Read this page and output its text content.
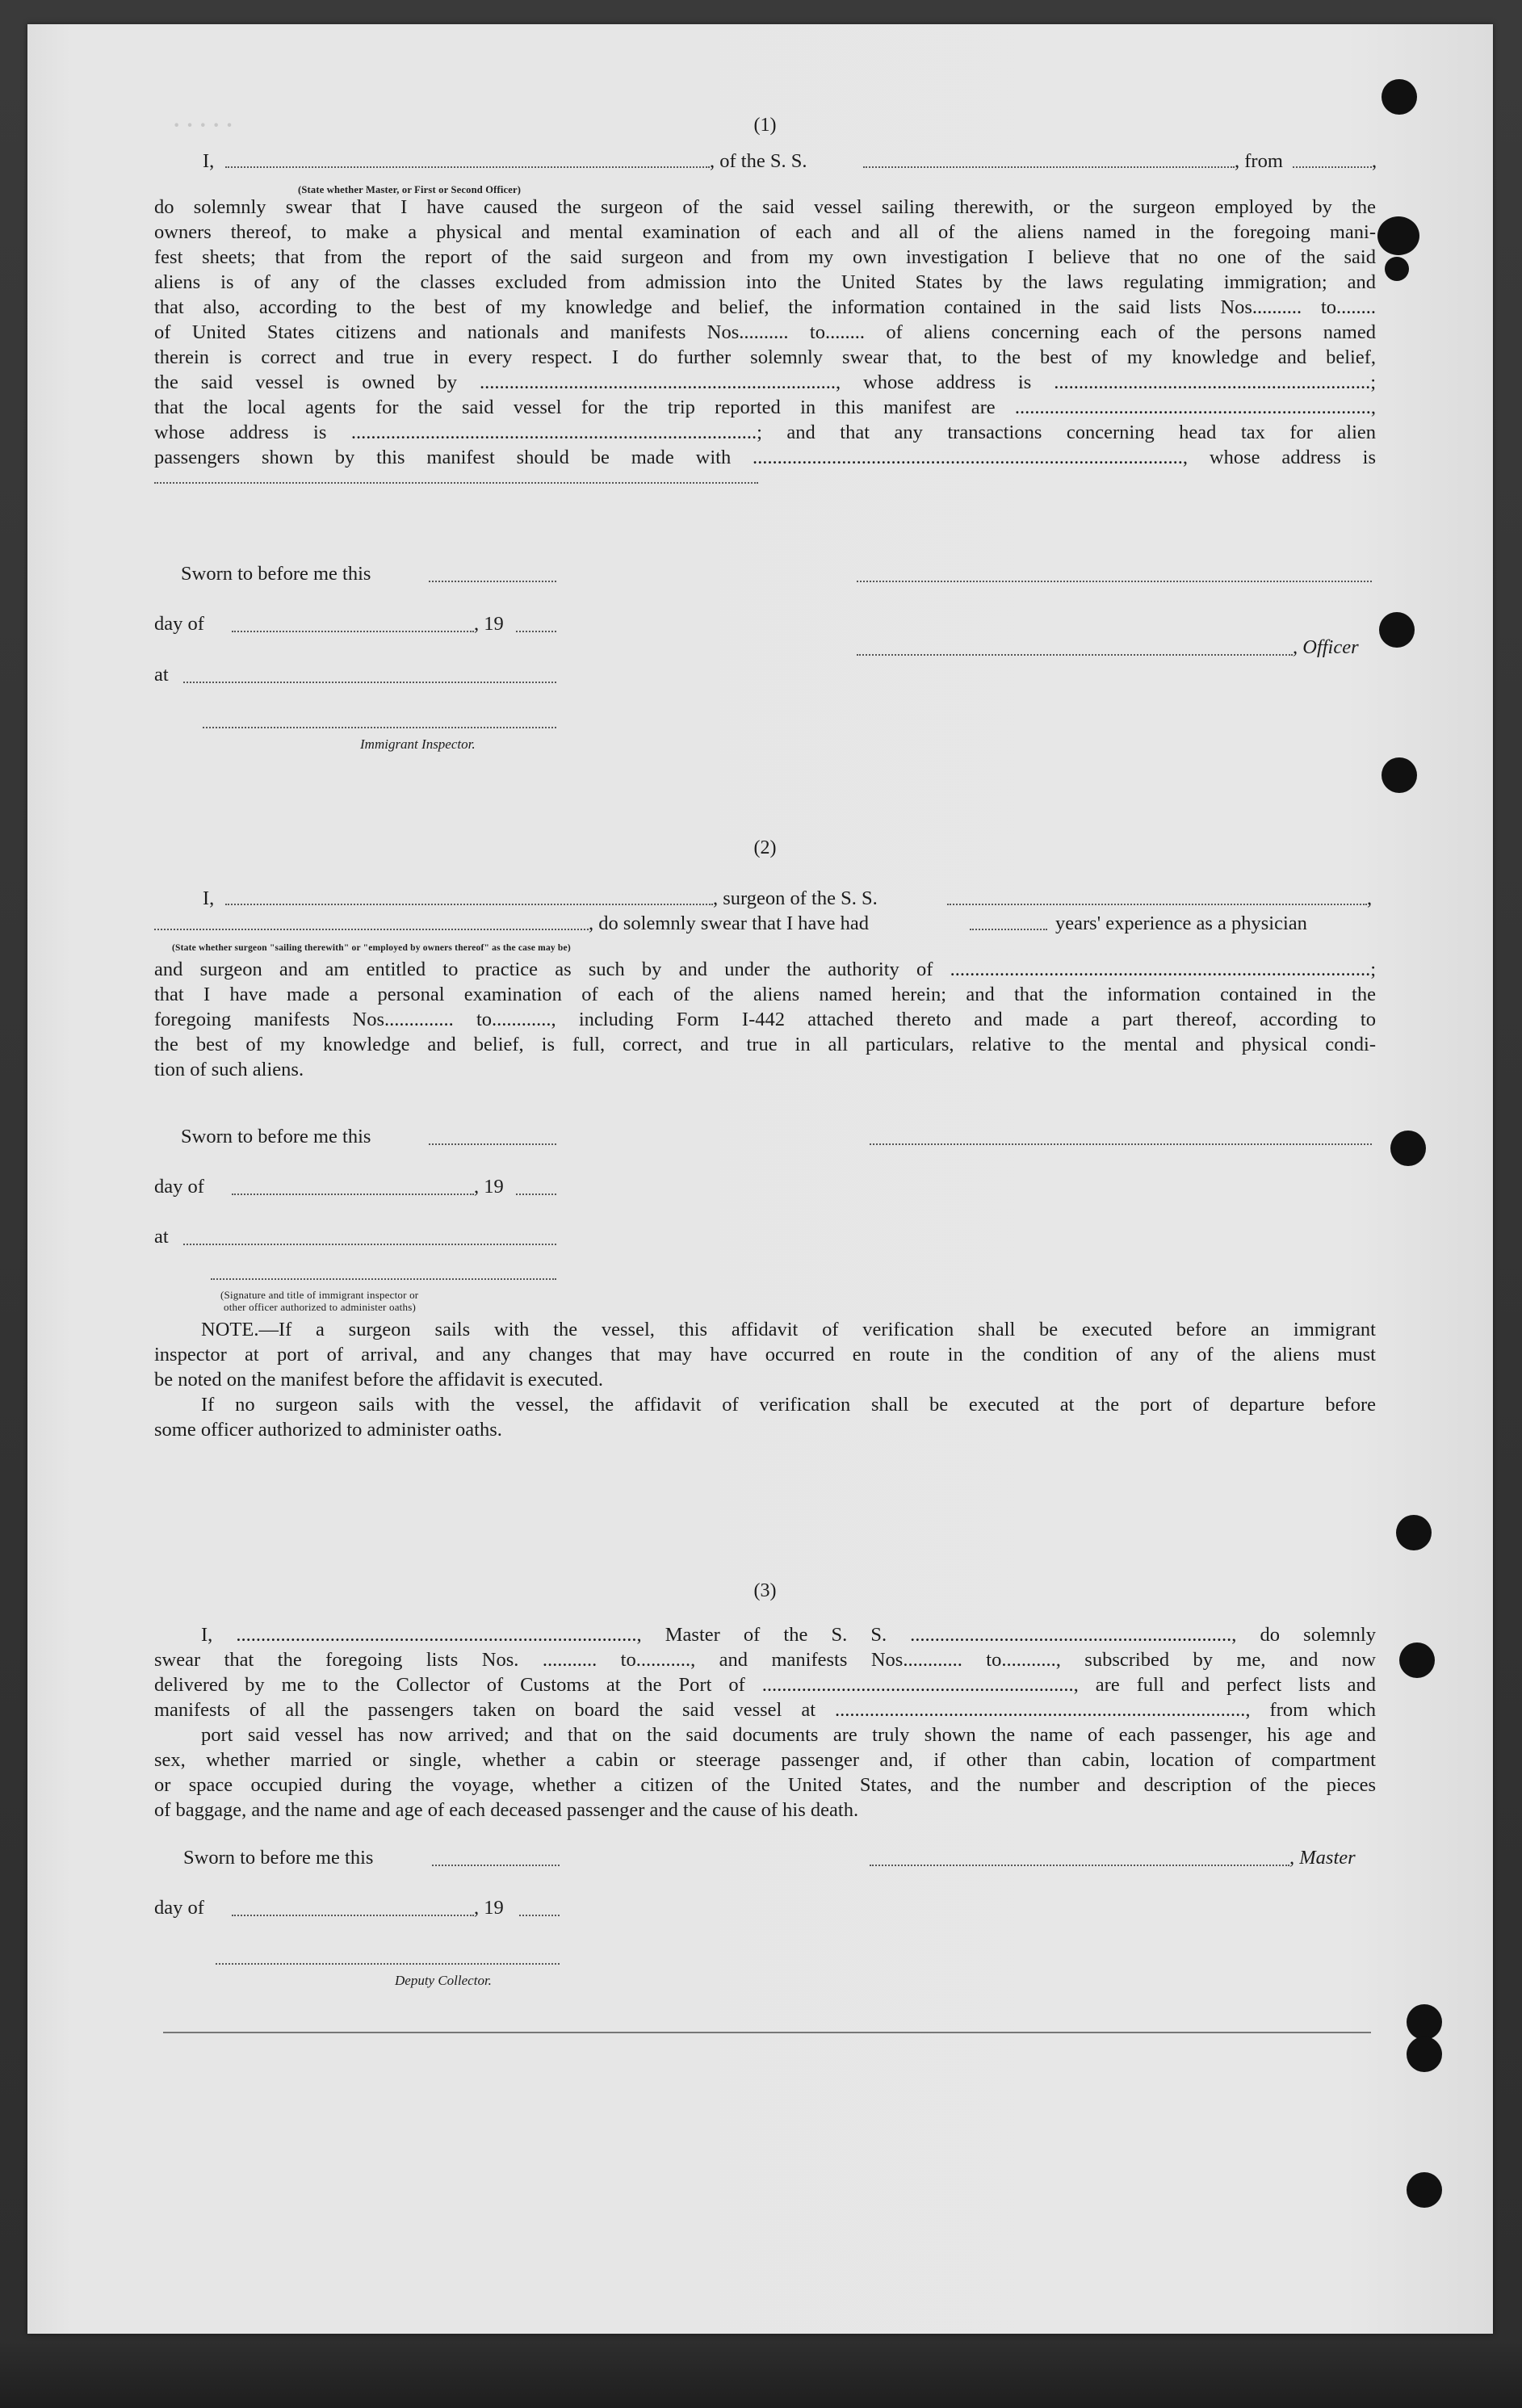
· · · · ·	(1)
I,	, of the S. S.	, from	,
(State whether Master, or First or Second Officer)
do solemnly swear that I have caused the surgeon of the said vessel sailing therewith, or the surgeon employed by the
owners thereof, to make a physical and mental examination of each and all of the aliens named in the foregoing mani-
fest sheets; that from the report of the said surgeon and from my own investigation I believe that no one of the said
aliens is of any of the classes excluded from admission into the United States by the laws regulating immigration; and
that also, according to the best of my knowledge and belief, the information contained in the said lists Nos.......... to........
of United States citizens and nationals and manifests Nos.......... to........ of aliens concerning each of the persons named
therein is correct and true in every respect. I do further solemnly swear that, to the best of my knowledge and belief,
the said vessel is owned by ........................................................................, whose address is ................................................................;
that the local agents for the said vessel for the trip reported in this manifest are ........................................................................,
whose address is ..................................................................................; and that any transactions concerning head tax for alien
passengers shown by this manifest should be made with ......................................................................................., whose address is
Sworn to before me this
day of	, 19
, Officer
at
Immigrant Inspector.
(2)
I,	, surgeon of the S. S.	,
, do solemnly swear that I have had	years' experience as a physician
(State whether surgeon "sailing therewith" or "employed by owners thereof" as the case may be)
and surgeon and am entitled to practice as such by and under the authority of .....................................................................................;
that I have made a personal examination of each of the aliens named herein; and that the information contained in the
foregoing manifests Nos.............. to............, including Form I-442 attached thereto and made a part thereof, according to
the best of my knowledge and belief, is full, correct, and true in all particulars, relative to the mental and physical condi-
tion of such aliens.
Sworn to before me this
day of	, 19
at
(Signature and title of immigrant inspector or
other officer authorized to administer oaths)
NOTE.—If a surgeon sails with the vessel, this affidavit of verification shall be executed before an immigrant
inspector at port of arrival, and any changes that may have occurred en route in the condition of any of the aliens must
be noted on the manifest before the affidavit is executed.
If no surgeon sails with the vessel, the affidavit of verification shall be executed at the port of departure before
some officer authorized to administer oaths.
(3)
I, ................................................................................., Master of the S. S. ................................................................., do solemnly
swear that the foregoing lists Nos. ........... to..........., and manifests Nos............ to..........., subscribed by me, and now
delivered by me to the Collector of Customs at the Port of ..............................................................., are full and perfect lists and
manifests of all the passengers taken on board the said vessel at ..................................................................................., from which
port said vessel has now arrived; and that on the said documents are truly shown the name of each passenger, his age and
sex, whether married or single, whether a cabin or steerage passenger and, if other than cabin, location of compartment
or space occupied during the voyage, whether a citizen of the United States, and the number and description of the pieces
of baggage, and the name and age of each deceased passenger and the cause of his death.
Sworn to before me this	, Master
day of	, 19
Deputy Collector.
